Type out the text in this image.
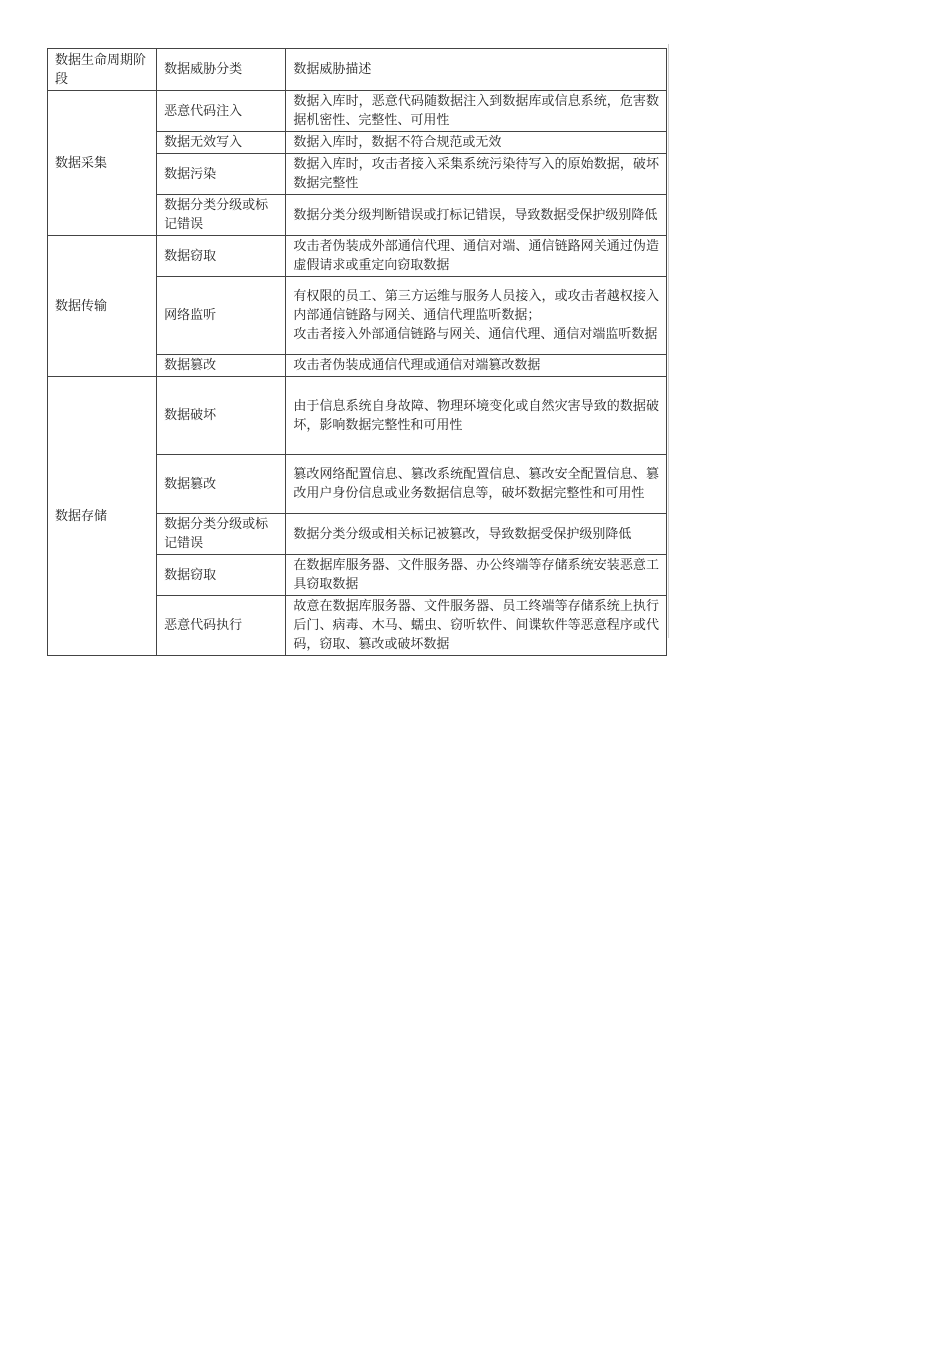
数据生命周期阶段	数据威胁分类	数据威胁描述
数据采集	恶意代码注入	数据入库时，恶意代码随数据注入到数据库或信息系统，危害数据机密性、完整性、可用性

	数据无效写入	数据入库时，数据不符合规范或无效

	数据污染	数据入库时，攻击者接入采集系统污染待写入的原始数据，破坏数据完整性

	数据分类分级或标记错误	数据分类分级判断错误或打标记错误，导致数据受保护级别降低

数据传输	数据窃取	攻击者伪装成外部通信代理、通信对端、通信链路网关通过伪造虚假请求或重定向窃取数据

	网络监听	有权限的员工、第三方运维与服务人员接入，或攻击者越权接入内部通信链路与网关、通信代理监听数据；
攻击者接入外部通信链路与网关、通信代理、通信对端监听数据

	数据篡改	攻击者伪装成通信代理或通信对端篡改数据

数据存储	数据破坏	由于信息系统自身故障、物理环境变化或自然灾害导致的数据破坏，影响数据完整性和可用性

	数据篡改	篡改网络配置信息、篡改系统配置信息、篡改安全配置信息、篡改用户身份信息或业务数据信息等，破坏数据完整性和可用性

	数据分类分级或标记错误	数据分类分级或相关标记被篡改，导致数据受保护级别降低

	数据窃取	在数据库服务器、文件服务器、办公终端等存储系统安装恶意工具窃取数据

	恶意代码执行	故意在数据库服务器、文件服务器、员工终端等存储系统上执行后门、病毒、木马、蠕虫、窃听软件、间谍软件等恶意程序或代码，窃取、篡改或破坏数据
